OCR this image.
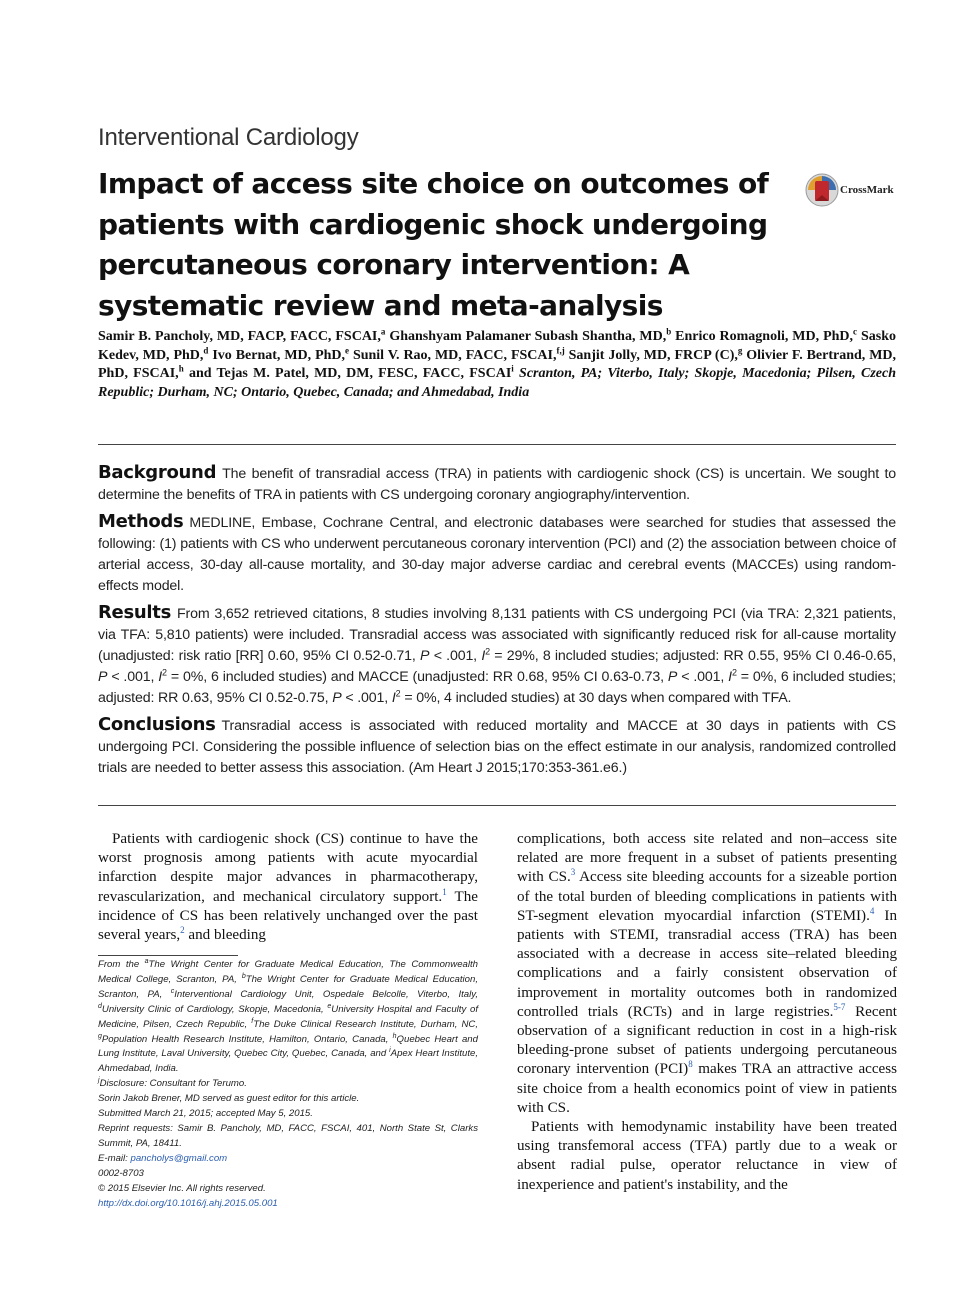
Interventional Cardiology
Impact of access site choice on outcomes of patients with cardiogenic shock undergoing percutaneous coronary intervention: A systematic review and meta-analysis
CrossMark
Samir B. Pancholy, MD, FACP, FACC, FSCAI,$^a$ Ghanshyam Palamaner Subash Shantha, MD,$^b$ Enrico Romagnoli, MD, PhD,$^c$ Sasko Kedev, MD, PhD,$^d$ Ivo Bernat, MD, PhD,$^e$ Sunil V. Rao, MD, FACC, FSCAI,$^{f,j}$ Sanjit Jolly, MD, FRCP (C),$^g$ Olivier F. Bertrand, MD, PhD, FSCAI,$^h$ and Tejas M. Patel, MD, DM, FESC, FACC, FSCAI$^i$ Scranton, PA; Viterbo, Italy; Skopje, Macedonia; Pilsen, Czech Republic; Durham, NC; Ontario, Quebec, Canada; and Ahmedabad, India

Background The benefit of transradial access (TRA) in patients with cardiogenic shock (CS) is uncertain. We sought to determine the benefits of TRA in patients with CS undergoing coronary angiography/intervention.

Methods MEDLINE, Embase, Cochrane Central, and electronic databases were searched for studies that assessed the following: (1) patients with CS who underwent percutaneous coronary intervention (PCI) and (2) the association between choice of arterial access, 30-day all-cause mortality, and 30-day major adverse cardiac and cerebral events (MACCEs) using random-effects model.

Results From 3,652 retrieved citations, 8 studies involving 8,131 patients with CS undergoing PCI (via TRA: 2,321 patients, via TFA: 5,810 patients) were included. Transradial access was associated with significantly reduced risk for all-cause mortality (unadjusted: risk ratio [RR] 0.60, 95% CI 0.52-0.71, P < .001, $I^2 = 29\%$, 8 included studies; adjusted: RR 0.55, 95% CI 0.46-0.65, P < .001, $I^2 = 0\%$, 6 included studies) and MACCE (unadjusted: RR 0.68, 95% CI 0.63-0.73, P < .001, $I^2 = 0\%$, 6 included studies; adjusted: RR 0.63, 95% CI 0.52-0.75, P < .001, $I^2 = 0\%$, 4 included studies) at 30 days when compared with TFA.

Conclusions Transradial access is associated with reduced mortality and MACCE at 30 days in patients with CS undergoing PCI. Considering the possible influence of selection bias on the effect estimate in our analysis, randomized controlled trials are needed to better assess this association. (Am Heart J 2015;170:353-361.e6.)

Patients with cardiogenic shock (CS) continue to have the worst prognosis among patients with acute myocardial infarction despite major advances in pharmacotherapy, revascularization, and mechanical circulatory support.$^1$ The incidence of CS has been relatively unchanged over the past several years,$^2$ and bleeding

From the $^a$The Wright Center for Graduate Medical Education, The Commonwealth Medical College, Scranton, PA, $^b$The Wright Center for Graduate Medical Education, Scranton, PA, $^c$Interventional Cardiology Unit, Ospedale Belcolle, Viterbo, Italy, $^d$University Clinic of Cardiology, Skopje, Macedonia, $^e$University Hospital and Faculty of Medicine, Pilsen, Czech Republic, $^f$The Duke Clinical Research Institute, Durham, NC, $^g$Population Health Research Institute, Hamilton, Ontario, Canada, $^h$Quebec Heart and Lung Institute, Laval University, Quebec City, Quebec, Canada, and $^i$Apex Heart Institute, Ahmedabad, India.

$^j$Disclosure: Consultant for Terumo.

Sorin Jakob Brener, MD served as guest editor for this article.

Submitted March 21, 2015; accepted May 5, 2015.

Reprint requests: Samir B. Pancholy, MD, FACC, FSCAI, 401, North State St, Clarks Summit, PA, 18411.

E-mail: pancholys@gmail.com

0002-8703

© 2015 Elsevier Inc. All rights reserved.

http://dx.doi.org/10.1016/j.ahj.2015.05.001

complications, both access site related and non–access site related are more frequent in a subset of patients presenting with CS.$^3$ Access site bleeding accounts for a sizeable portion of the total burden of bleeding complications in patients with ST-segment elevation myocardial infarction (STEMI).$^4$ In patients with STEMI, transradial access (TRA) has been associated with a decrease in access site–related bleeding complications and a fairly consistent observation of improvement in mortality outcomes both in randomized controlled trials (RCTs) and in large registries.$^{5-7}$ Recent observation of a significant reduction in cost in a high-risk bleeding-prone subset of patients undergoing percutaneous coronary intervention (PCI)$^8$ makes TRA an attractive access site choice from a health economics point of view in patients with CS.

Patients with hemodynamic instability have been treated using transfemoral access (TFA) partly due to a weak or absent radial pulse, operator reluctance in view of inexperience and patient's instability, and the
